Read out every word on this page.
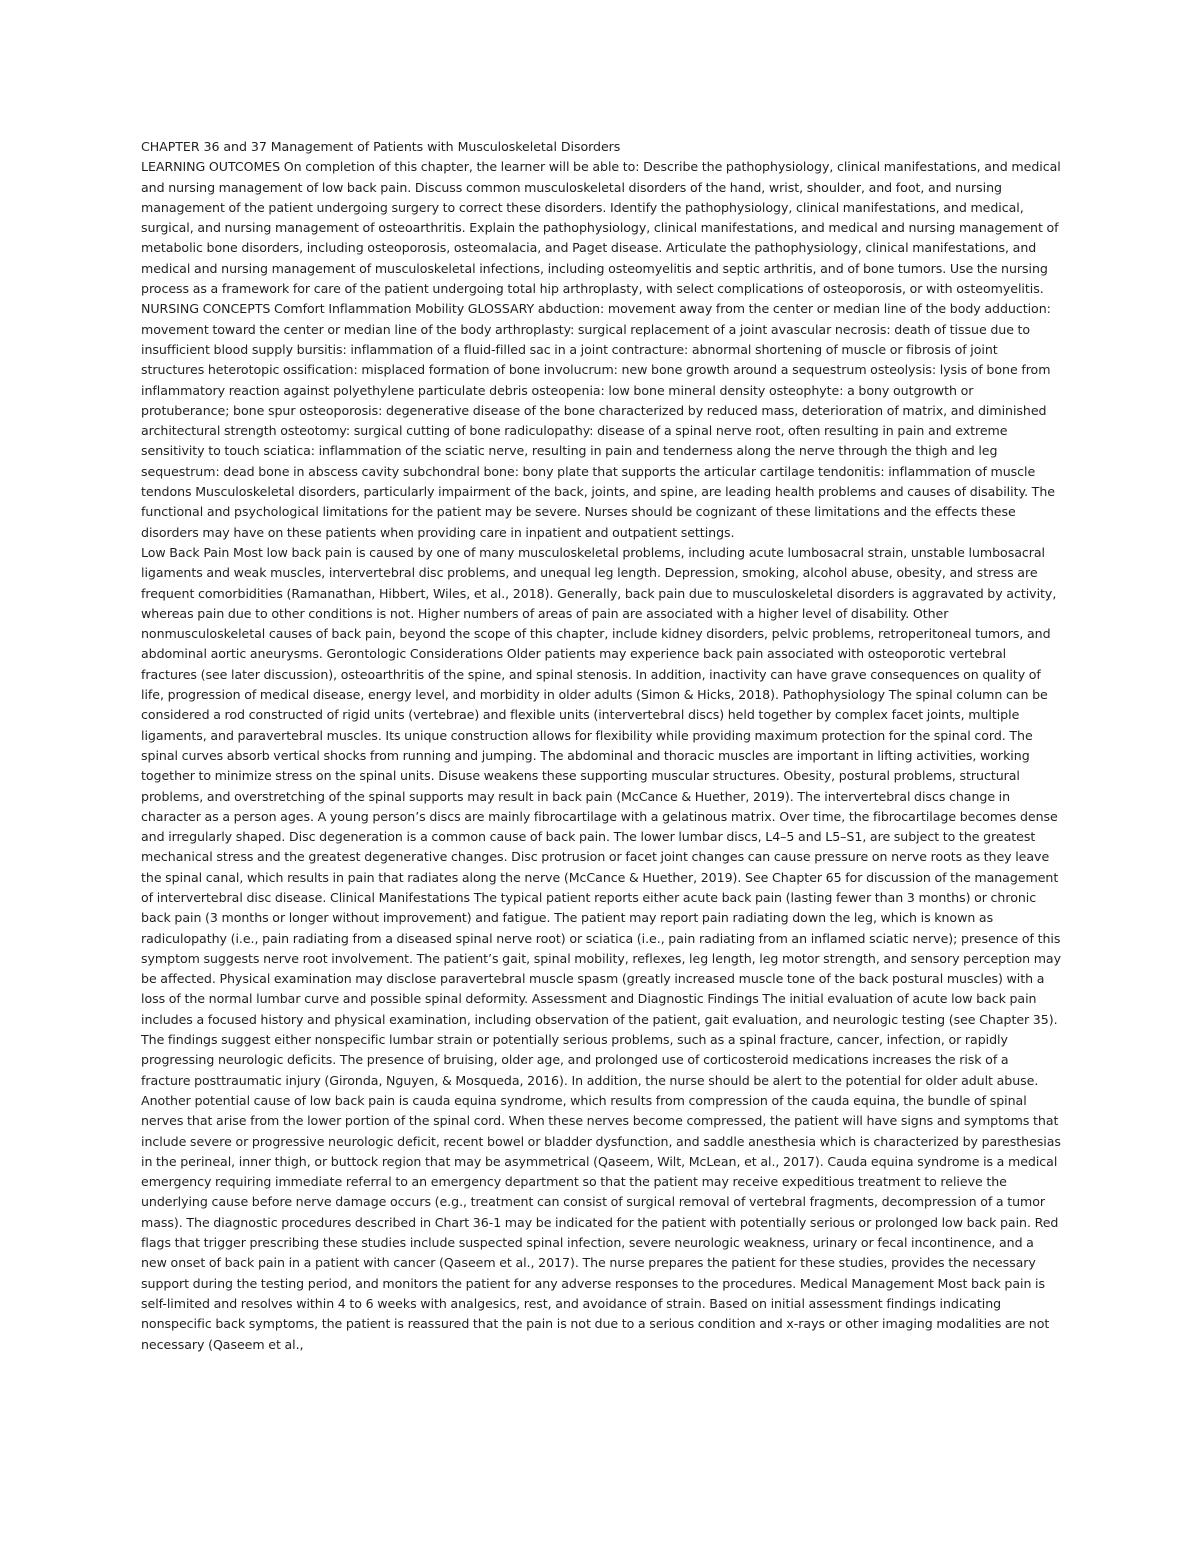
CHAPTER 36 and 37 Management of Patients with Musculoskeletal Disorders

LEARNING OUTCOMES On completion of this chapter, the learner will be able to: Describe the pathophysiology, clinical manifestations, and medical and nursing management of low back pain. Discuss common musculoskeletal disorders of the hand, wrist, shoulder, and foot, and nursing management of the patient undergoing surgery to correct these disorders. Identify the pathophysiology, clinical manifestations, and medical, surgical, and nursing management of osteoarthritis. Explain the pathophysiology, clinical manifestations, and medical and nursing management of metabolic bone disorders, including osteoporosis, osteomalacia, and Paget disease. Articulate the pathophysiology, clinical manifestations, and medical and nursing management of musculoskeletal infections, including osteomyelitis and septic arthritis, and of bone tumors. Use the nursing process as a framework for care of the patient undergoing total hip arthroplasty, with select complications of osteoporosis, or with osteomyelitis. NURSING CONCEPTS Comfort Inflammation Mobility GLOSSARY abduction: movement away from the center or median line of the body adduction: movement toward the center or median line of the body arthroplasty: surgical replacement of a joint avascular necrosis: death of tissue due to insufficient blood supply bursitis: inflammation of a fluid-filled sac in a joint contracture: abnormal shortening of muscle or fibrosis of joint structures heterotopic ossification: misplaced formation of bone involucrum: new bone growth around a sequestrum osteolysis: lysis of bone from inflammatory reaction against polyethylene particulate debris osteopenia: low bone mineral density osteophyte: a bony outgrowth or protuberance; bone spur osteoporosis: degenerative disease of the bone characterized by reduced mass, deterioration of matrix, and diminished architectural strength osteotomy: surgical cutting of bone radiculopathy: disease of a spinal nerve root, often resulting in pain and extreme sensitivity to touch sciatica: inflammation of the sciatic nerve, resulting in pain and tenderness along the nerve through the thigh and leg sequestrum: dead bone in abscess cavity subchondral bone: bony plate that supports the articular cartilage tendonitis: inflammation of muscle tendons Musculoskeletal disorders, particularly impairment of the back, joints, and spine, are leading health problems and causes of disability. The functional and psychological limitations for the patient may be severe. Nurses should be cognizant of these limitations and the effects these disorders may have on these patients when providing care in inpatient and outpatient settings.

Low Back Pain Most low back pain is caused by one of many musculoskeletal problems, including acute lumbosacral strain, unstable lumbosacral ligaments and weak muscles, intervertebral disc problems, and unequal leg length. Depression, smoking, alcohol abuse, obesity, and stress are frequent comorbidities (Ramanathan, Hibbert, Wiles, et al., 2018). Generally, back pain due to musculoskeletal disorders is aggravated by activity, whereas pain due to other conditions is not. Higher numbers of areas of pain are associated with a higher level of disability. Other nonmusculoskeletal causes of back pain, beyond the scope of this chapter, include kidney disorders, pelvic problems, retroperitoneal tumors, and abdominal aortic aneurysms. Gerontologic Considerations Older patients may experience back pain associated with osteoporotic vertebral fractures (see later discussion), osteoarthritis of the spine, and spinal stenosis. In addition, inactivity can have grave consequences on quality of life, progression of medical disease, energy level, and morbidity in older adults (Simon & Hicks, 2018). Pathophysiology The spinal column can be considered a rod constructed of rigid units (vertebrae) and flexible units (intervertebral discs) held together by complex facet joints, multiple ligaments, and paravertebral muscles. Its unique construction allows for flexibility while providing maximum protection for the spinal cord. The spinal curves absorb vertical shocks from running and jumping. The abdominal and thoracic muscles are important in lifting activities, working together to minimize stress on the spinal units. Disuse weakens these supporting muscular structures. Obesity, postural problems, structural problems, and overstretching of the spinal supports may result in back pain (McCance & Huether, 2019). The intervertebral discs change in character as a person ages. A young person’s discs are mainly fibrocartilage with a gelatinous matrix. Over time, the fibrocartilage becomes dense and irregularly shaped. Disc degeneration is a common cause of back pain. The lower lumbar discs, L4–5 and L5–S1, are subject to the greatest mechanical stress and the greatest degenerative changes. Disc protrusion or facet joint changes can cause pressure on nerve roots as they leave the spinal canal, which results in pain that radiates along the nerve (McCance & Huether, 2019). See Chapter 65 for discussion of the management of intervertebral disc disease. Clinical Manifestations The typical patient reports either acute back pain (lasting fewer than 3 months) or chronic back pain (3 months or longer without improvement) and fatigue. The patient may report pain radiating down the leg, which is known as radiculopathy (i.e., pain radiating from a diseased spinal nerve root) or sciatica (i.e., pain radiating from an inflamed sciatic nerve); presence of this symptom suggests nerve root involvement. The patient’s gait, spinal mobility, reflexes, leg length, leg motor strength, and sensory perception may be affected. Physical examination may disclose paravertebral muscle spasm (greatly increased muscle tone of the back postural muscles) with a loss of the normal lumbar curve and possible spinal deformity. Assessment and Diagnostic Findings The initial evaluation of acute low back pain includes a focused history and physical examination, including observation of the patient, gait evaluation, and neurologic testing (see Chapter 35). The findings suggest either nonspecific lumbar strain or potentially serious problems, such as a spinal fracture, cancer, infection, or rapidly progressing neurologic deficits. The presence of bruising, older age, and prolonged use of corticosteroid medications increases the risk of a fracture posttraumatic injury (Gironda, Nguyen, & Mosqueda, 2016). In addition, the nurse should be alert to the potential for older adult abuse. Another potential cause of low back pain is cauda equina syndrome, which results from compression of the cauda equina, the bundle of spinal nerves that arise from the lower portion of the spinal cord. When these nerves become compressed, the patient will have signs and symptoms that include severe or progressive neurologic deficit, recent bowel or bladder dysfunction, and saddle anesthesia which is characterized by paresthesias in the perineal, inner thigh, or buttock region that may be asymmetrical (Qaseem, Wilt, McLean, et al., 2017). Cauda equina syndrome is a medical emergency requiring immediate referral to an emergency department so that the patient may receive expeditious treatment to relieve the underlying cause before nerve damage occurs (e.g., treatment can consist of surgical removal of vertebral fragments, decompression of a tumor mass). The diagnostic procedures described in Chart 36-1 may be indicated for the patient with potentially serious or prolonged low back pain. Red flags that trigger prescribing these studies include suspected spinal infection, severe neurologic weakness, urinary or fecal incontinence, and a new onset of back pain in a patient with cancer (Qaseem et al., 2017). The nurse prepares the patient for these studies, provides the necessary support during the testing period, and monitors the patient for any adverse responses to the procedures. Medical Management Most back pain is self-limited and resolves within 4 to 6 weeks with analgesics, rest, and avoidance of strain. Based on initial assessment findings indicating nonspecific back symptoms, the patient is reassured that the pain is not due to a serious condition and x-rays or other imaging modalities are not necessary (Qaseem et al.,
